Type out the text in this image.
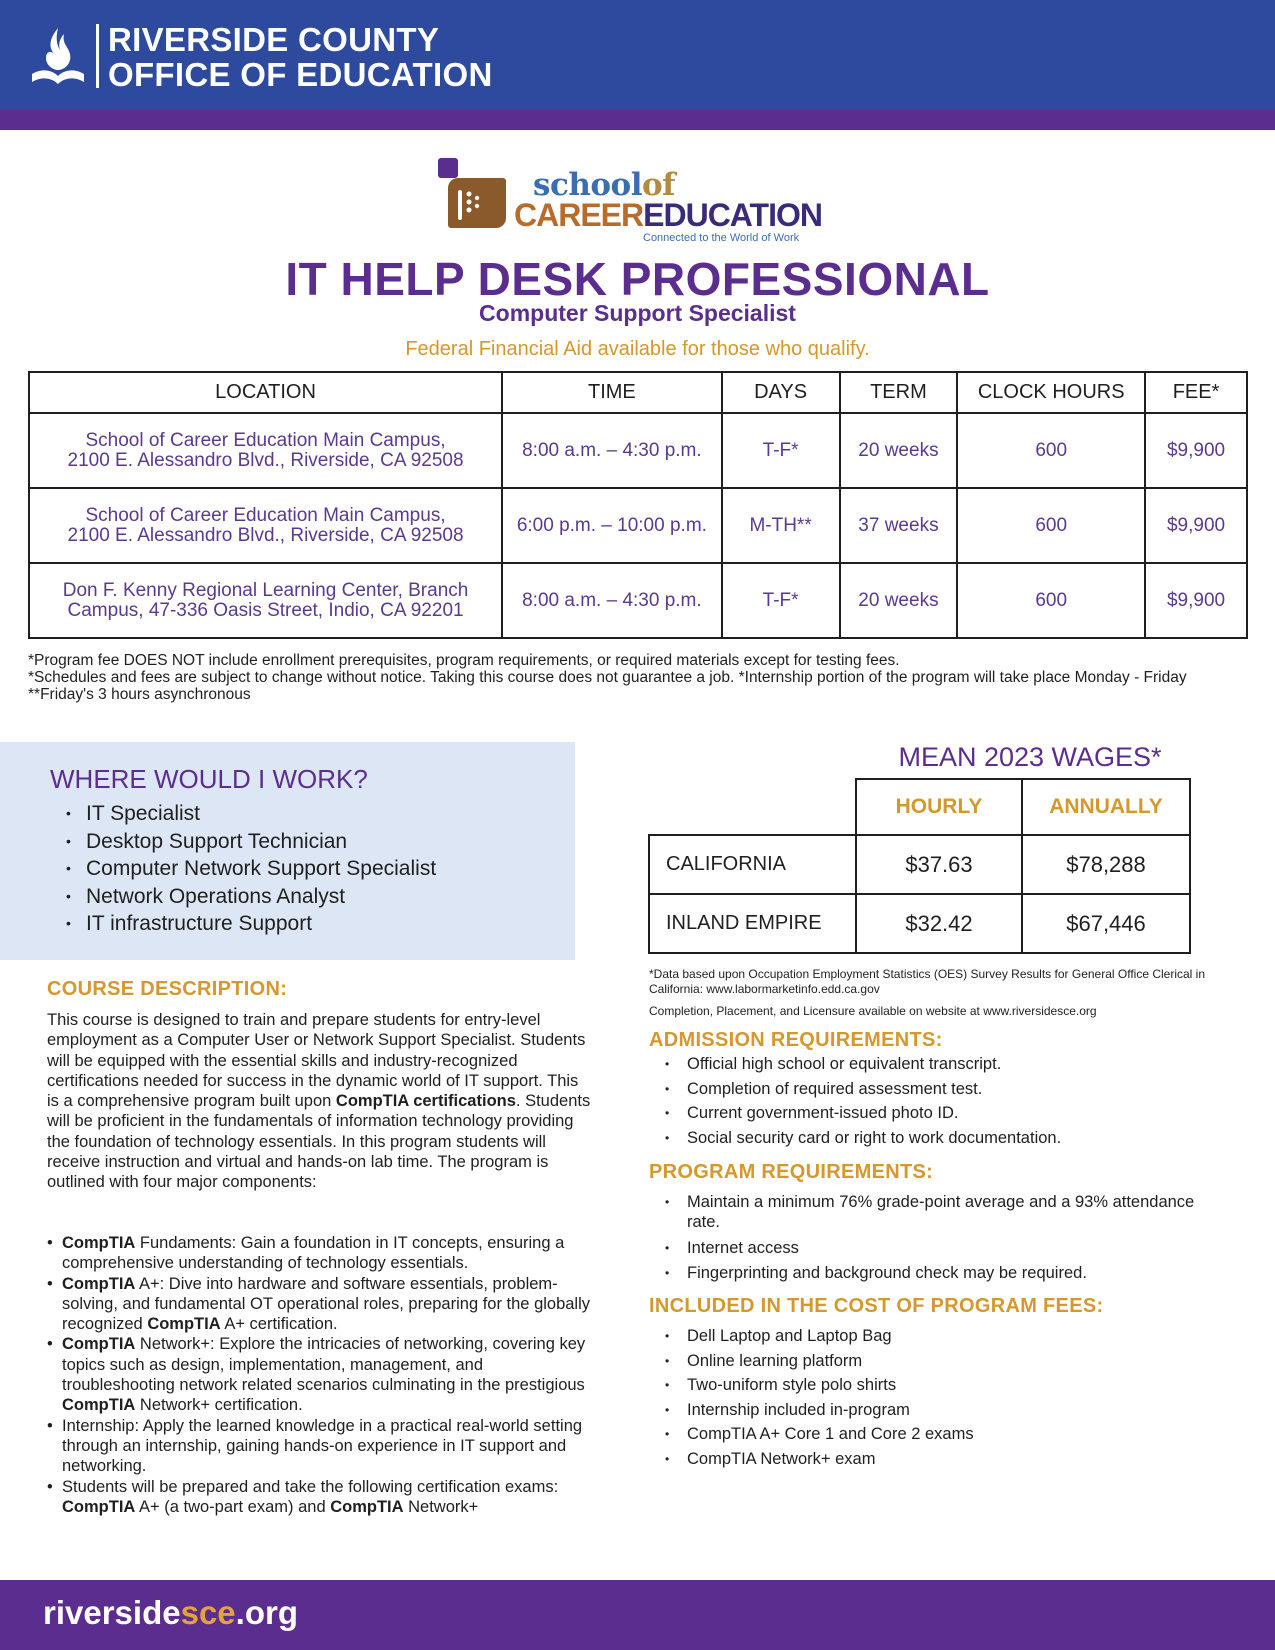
RIVERSIDE COUNTY
OFFICE OF EDUCATION
schoolof
CAREEREDUCATION
Connected to the World of Work
IT HELP DESK PROFESSIONAL
Computer Support Specialist
Federal Financial Aid available for those who qualify.
LOCATION	TIME	DAYS	TERM	CLOCK HOURS	FEE*

School of Career Education Main Campus,
2100 E. Alessandro Blvd., Riverside, CA 92508	8:00 a.m. – 4:30 p.m.	T-F*	20 weeks	600	$9,900

School of Career Education Main Campus,
2100 E. Alessandro Blvd., Riverside, CA 92508	6:00 p.m. – 10:00 p.m.	M-TH**	37 weeks	600	$9,900

Don F. Kenny Regional Learning Center, Branch
Campus, 47-336 Oasis Street, Indio, CA 92201	8:00 a.m. – 4:30 p.m.	T-F*	20 weeks	600	$9,900
*Program fee DOES NOT include enrollment prerequisites, program requirements, or required materials except for testing fees.
*Schedules and fees are subject to change without notice. Taking this course does not guarantee a job. *Internship portion of the program will take place Monday - Friday
**Friday's 3 hours asynchronous
WHERE WOULD I WORK?
• IT Specialist
• Desktop Support Technician
• Computer Network Support Specialist
• Network Operations Analyst
• IT infrastructure Support
COURSE DESCRIPTION:
This course is designed to train and prepare students for entry-level employment as a Computer User or Network Support Specialist. Students will be equipped with the essential skills and industry-recognized certifications needed for success in the dynamic world of IT support. This is a comprehensive program built upon CompTIA certifications. Students will be proficient in the fundamentals of information technology providing the foundation of technology essentials. In this program students will receive instruction and virtual and hands-on lab time. The program is outlined with four major components:
• CompTIA Fundaments: Gain a foundation in IT concepts, ensuring a comprehensive understanding of technology essentials.
• CompTIA A+: Dive into hardware and software essentials, problem-solving, and fundamental OT operational roles, preparing for the globally recognized CompTIA A+ certification.
• CompTIA Network+: Explore the intricacies of networking, covering key topics such as design, implementation, management, and troubleshooting network related scenarios culminating in the prestigious CompTIA Network+ certification.
• Internship: Apply the learned knowledge in a practical real-world setting through an internship, gaining hands-on experience in IT support and networking.
• Students will be prepared and take the following certification exams: CompTIA A+ (a two-part exam) and CompTIA Network+
MEAN 2023 WAGES*
	HOURLY	ANNUALLY
CALIFORNIA	$37.63	$78,288
INLAND EMPIRE	$32.42	$67,446
*Data based upon Occupation Employment Statistics (OES) Survey Results for General Office Clerical in California: www.labormarketinfo.edd.ca.gov
Completion, Placement, and Licensure available on website at www.riversidesce.org
ADMISSION REQUIREMENTS:
• Official high school or equivalent transcript.
• Completion of required assessment test.
• Current government-issued photo ID.
• Social security card or right to work documentation.
PROGRAM REQUIREMENTS:
• Maintain a minimum 76% grade-point average and a 93% attendance rate.
• Internet access
• Fingerprinting and background check may be required.
INCLUDED IN THE COST OF PROGRAM FEES:
• Dell Laptop and Laptop Bag
• Online learning platform
• Two-uniform style polo shirts
• Internship included in-program
• CompTIA A+ Core 1 and Core 2 exams
• CompTIA Network+ exam
riversidesce.org
